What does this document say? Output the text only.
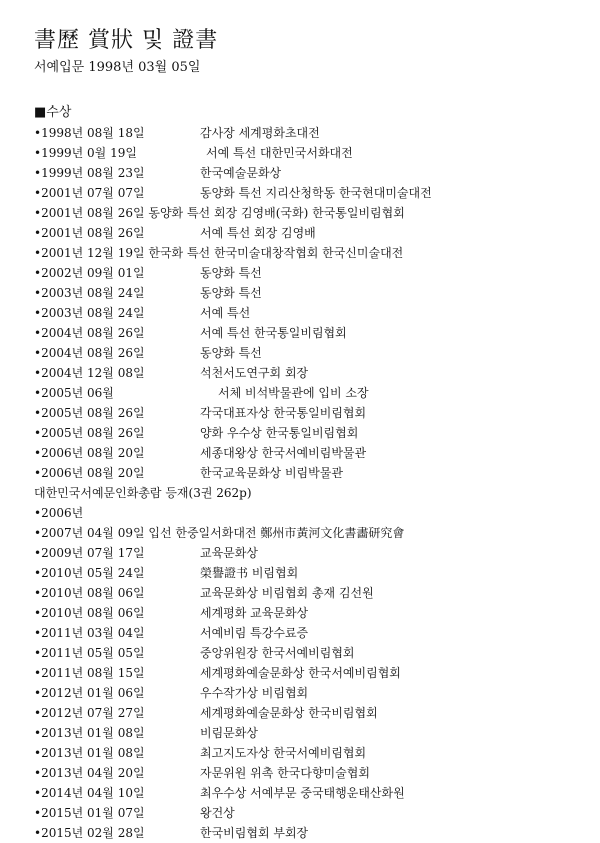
書歷 賞狀 및 證書
서예입문 1998년 03월 05일
■수상
•1998년 08월 18일	감사장 세계평화초대전
•1999년 0월 19일	서예 특선 대한민국서화대전
•1999년 08월 23일	한국예술문화상
•2001년 07월 07일	동양화 특선 지리산청학동 한국현대미술대전
•2001년 08월 26일 동양화 특선 회장 김영배(국화) 한국통일비림협회
•2001년 08월 26일	서예 특선 회장 김영배
•2001년 12월 19일 한국화 특선 한국미술대창작협회 한국신미술대전
•2002년 09월 01일	동양화 특선
•2003년 08월 24일	동양화 특선
•2003년 08월 24일	서예 특선
•2004년 08월 26일	서예 특선 한국통일비림협회
•2004년 08월 26일	동양화 특선
•2004년 12월 08일	석천서도연구회 회장
•2005년 06월	서체 비석박물관에 입비 소장
•2005년 08월 26일	각국대표자상 한국통일비림협회
•2005년 08월 26일	양화 우수상 한국통일비림협회
•2006년 08월 20일	세종대왕상 한국서예비림박물관
•2006년 08월 20일	한국교육문화상 비림박물관
대한민국서예문인화총람 등재(3권 262p)
•2006년
•2007년 04월 09일 입선 한중일서화대전 鄭州市黃河文化書畵研究會
•2009년 07월 17일	교육문화상
•2010년 05월 24일	榮譽證书 비림협회
•2010년 08월 06일	교육문화상 비림협회 총재 김선원
•2010년 08월 06일	세계평화 교육문화상
•2011년 03월 04일	서예비림 특강수료증
•2011년 05월 05일	중앙위원장 한국서예비림협회
•2011년 08월 15일	세계평화예술문화상 한국서예비림협회
•2012년 01월 06일	우수작가상 비림협회
•2012년 07월 27일	세계평화예술문화상 한국비림협회
•2013년 01월 08일	비림문화상
•2013년 01월 08일	최고지도자상 한국서예비림협회
•2013년 04월 20일	자문위원 위촉 한국다향미술협회
•2014년 04월 10일	최우수상 서예부문 중국태행운태산화원
•2015년 01월 07일	왕건상
•2015년 02월 28일	한국비림협회 부회장
